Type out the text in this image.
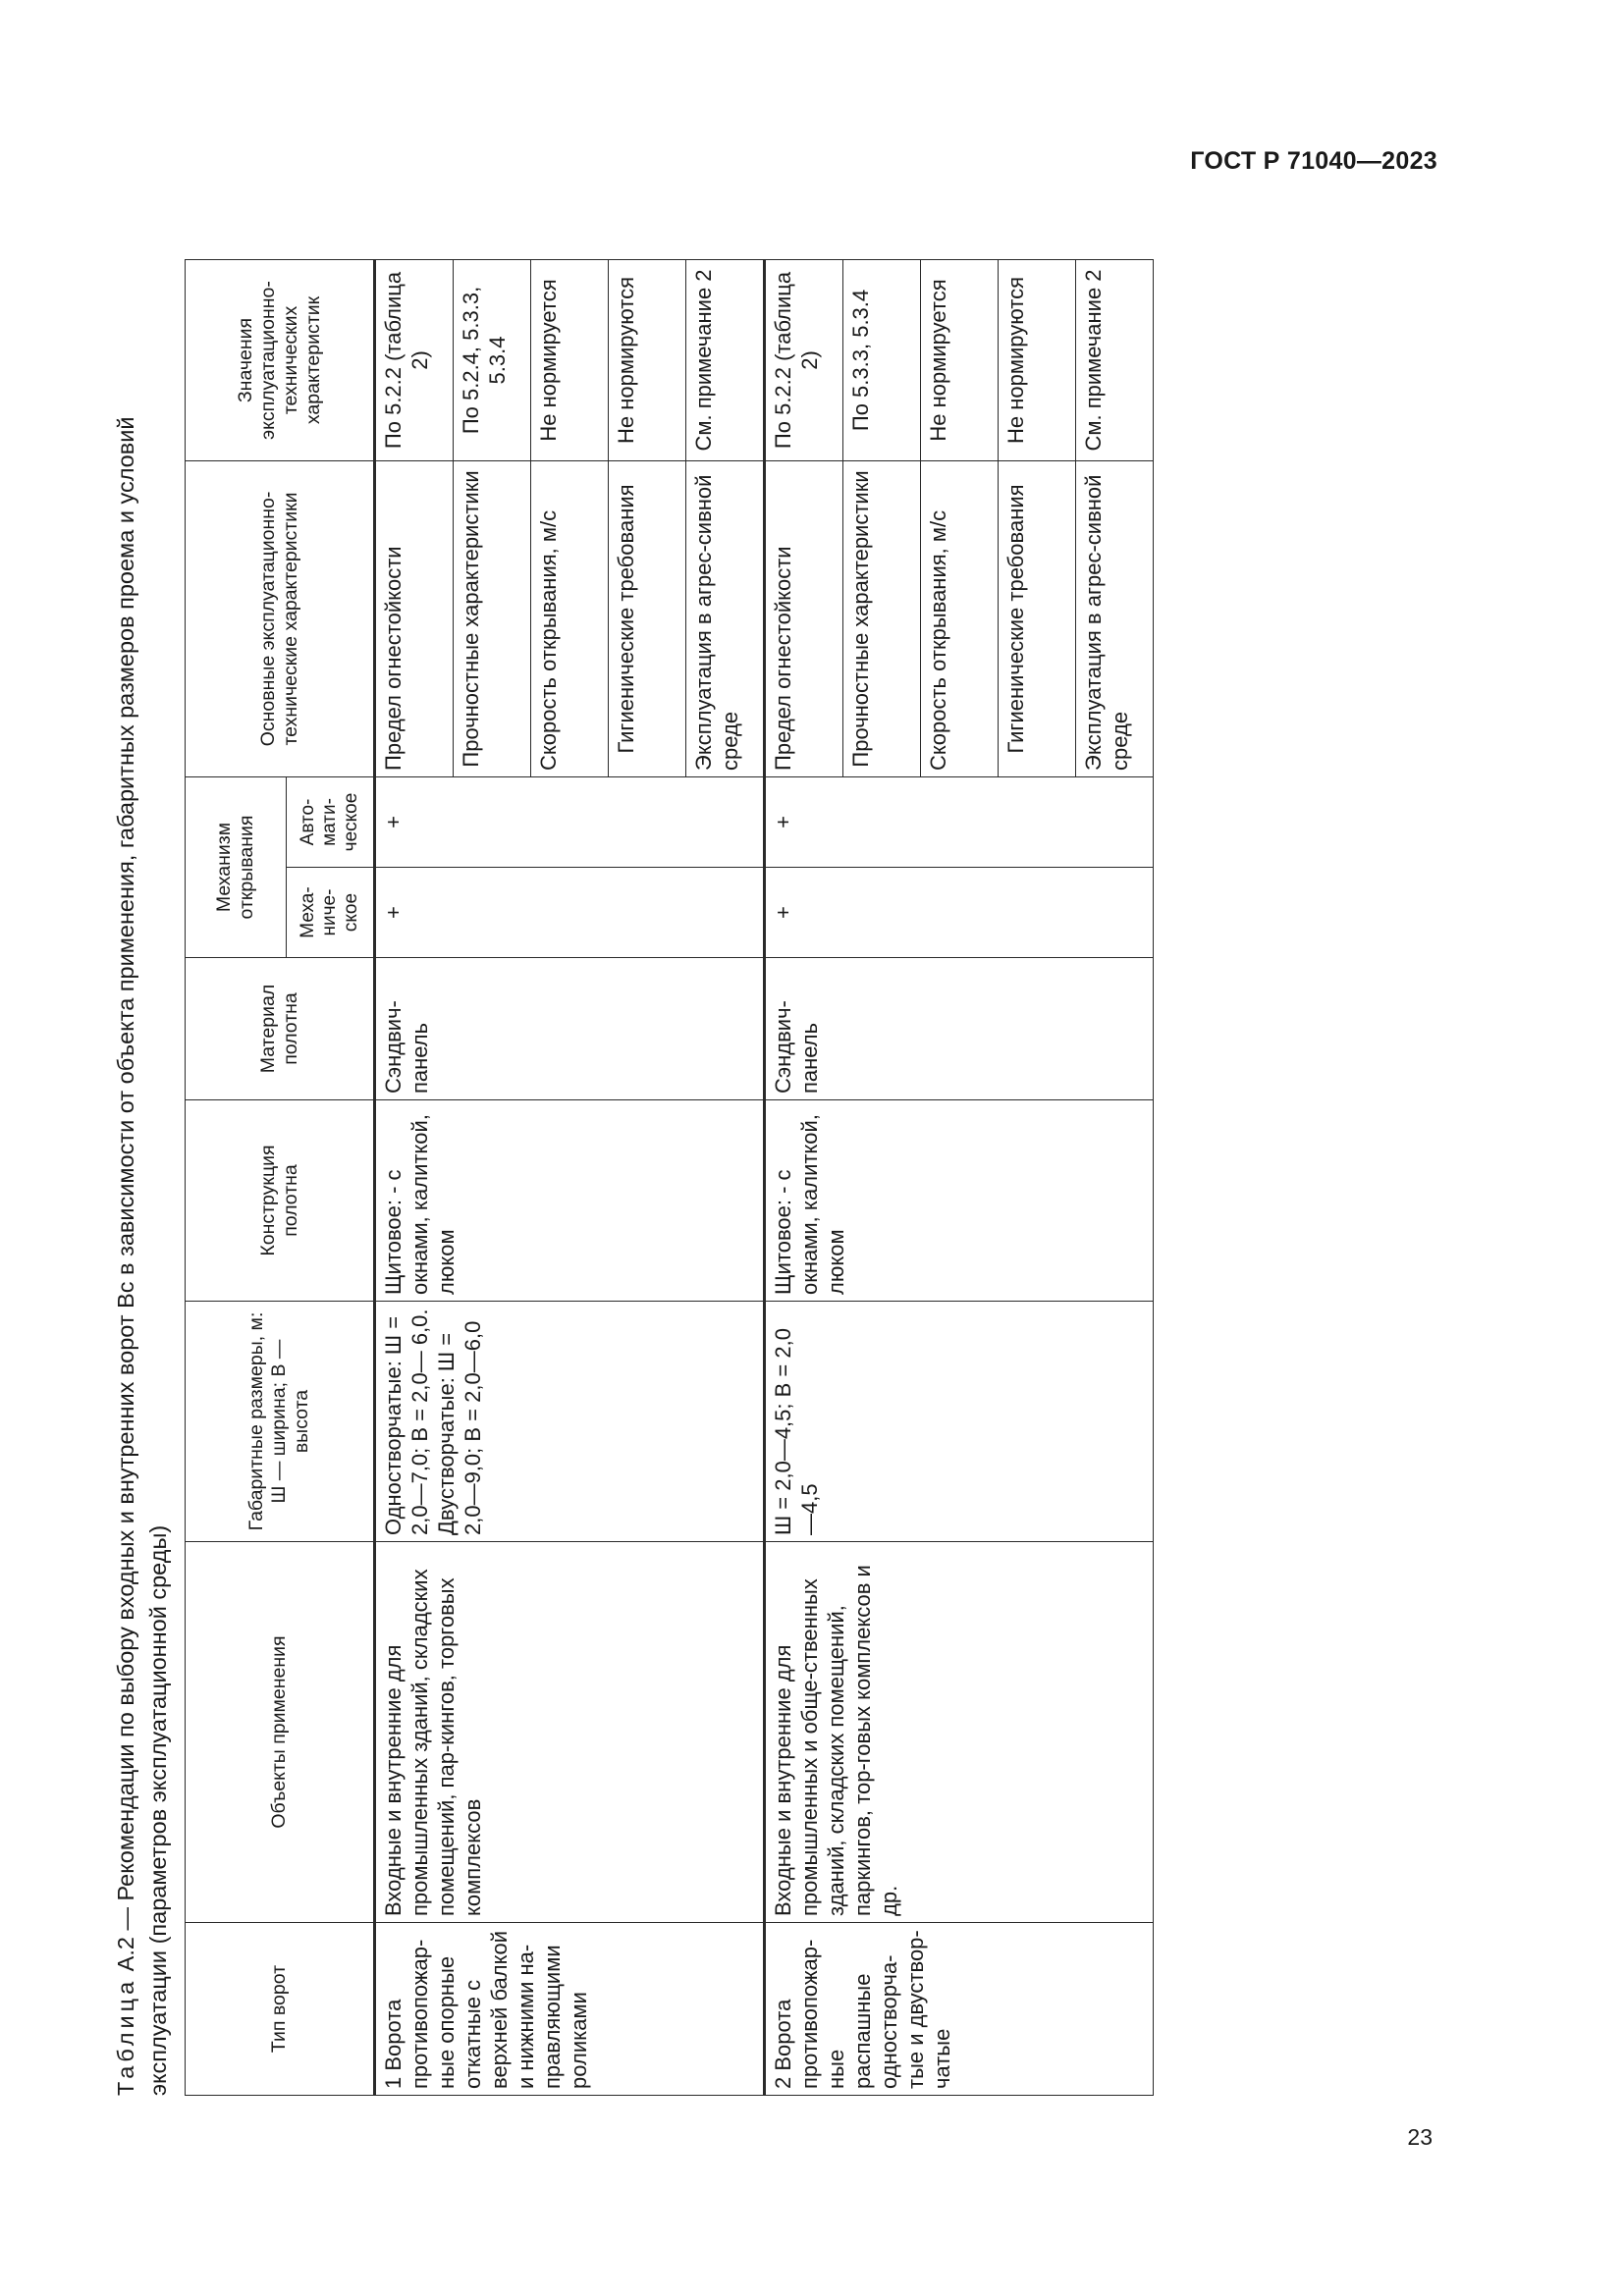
ГОСТ Р 71040—2023
Таблица А.2 — Рекомендации по выбору входных и внутренних ворот Вс в зависимости от объекта применения, габаритных размеров проема и условий эксплуатации (параметров эксплуатационной среды)	Тип ворот	Объекты применения	Габаритные размеры, м: Ш — ширина; В — высота	Конструкция полотна	Материал полотна	Механизм открывания		Основные эксплуатационно-технические характеристики	Значения эксплуатационно-технических характеристик
					Меха-ниче-ское	Авто-мати-ческое		
1 Ворота противопожар-ные опорные откатные с верхней балкой и нижними на-правляющими роликами	Входные и внутренние для промышленных зданий, складских помещений, пар-кингов, торговых комплексов	Одностворчатые: Ш = 2,0—7,0; В = 2,0— 6,0. Двустворчатые: Ш = 2,0—9,0; В = 2,0—6,0	Щитовое: - с окнами, калиткой, люком	Сэндвич-панель	+	+	Предел огнестойкости	По 5.2.2 (таблица 2)
							Прочностные характеристики	По 5.2.4, 5.3.3, 5.3.4
							Скорость открывания, м/с	Не нормируется
							Гигиенические требования	Не нормируются
							Эксплуатация в агрес-сивной среде	См. примечание 2
2 Ворота противопожар-ные распашные одностворча-тые и двуствор-чатые	Входные и внутренние для промышленных и обще-ственных зданий, складских помещений, паркингов, тор-говых комплексов и др.	Ш = 2,0—4,5; В = 2,0—4,5	Щитовое: - с окнами, калиткой, люком	Сэндвич-панель	+	+	Предел огнестойкости	По 5.2.2 (таблица 2)
							Прочностные характеристики	По 5.3.3, 5.3.4
							Скорость открывания, м/с	Не нормируется
							Гигиенические требования	Не нормируются
							Эксплуатация в агрес-сивной среде	См. примечание 2
23
